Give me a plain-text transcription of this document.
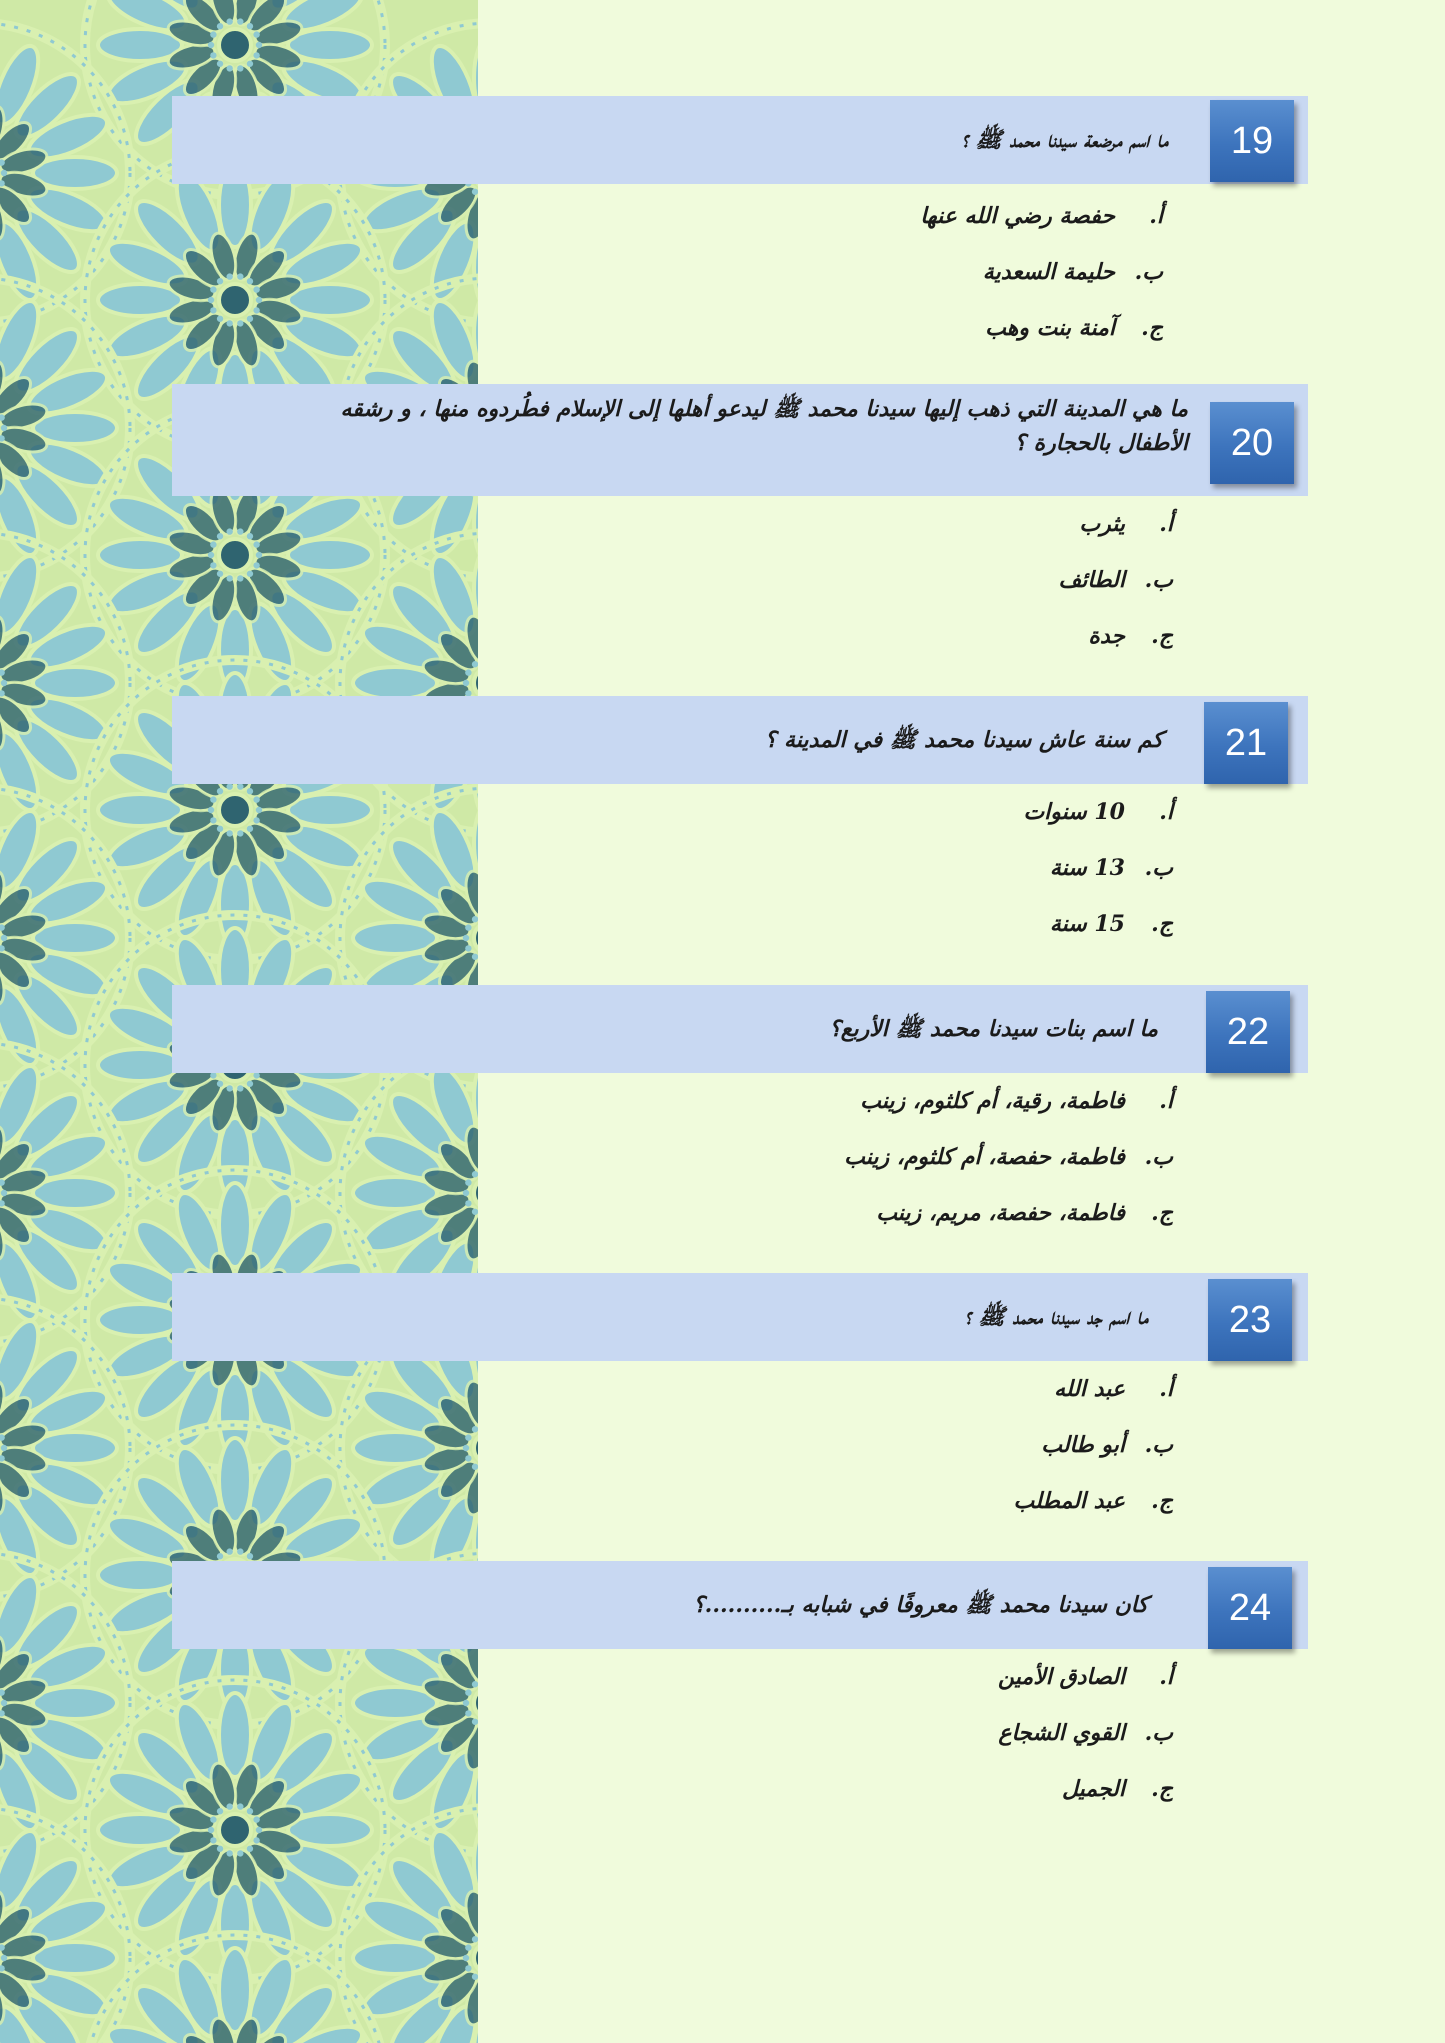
ما اسم مرضعة سيدنا محمد ﷺ ؟	19
أ.حفصة رضي الله عنها
ب.حليمة السعدية
ج.آمنة بنت وهب
ما هي المدينة التي ذهب إليها سيدنا محمد ﷺ ليدعو أهلها إلى الإسلام فطُردوه منها ، و رشقه الأطفال بالحجارة ؟	20
أ.يثرب
ب.الطائف
ج.جدة
كم سنة عاش سيدنا محمد ﷺ في المدينة ؟	21
أ.10 سنوات
ب.13 سنة
ج.15 سنة
ما اسم بنات سيدنا محمد ﷺ الأربع؟	22
أ.فاطمة، رقية، أم كلثوم، زينب
ب.فاطمة، حفصة، أم كلثوم، زينب
ج.فاطمة، حفصة، مريم، زينب
ما اسم جد سيدنا محمد ﷺ ؟	23
أ.عبد الله
ب.أبو طالب
ج.عبد المطلب
كان سيدنا محمد ﷺ معروفًا في شبابه بـ..........؟	24
أ.الصادق الأمين
ب.القوي الشجاع
ج.الجميل
